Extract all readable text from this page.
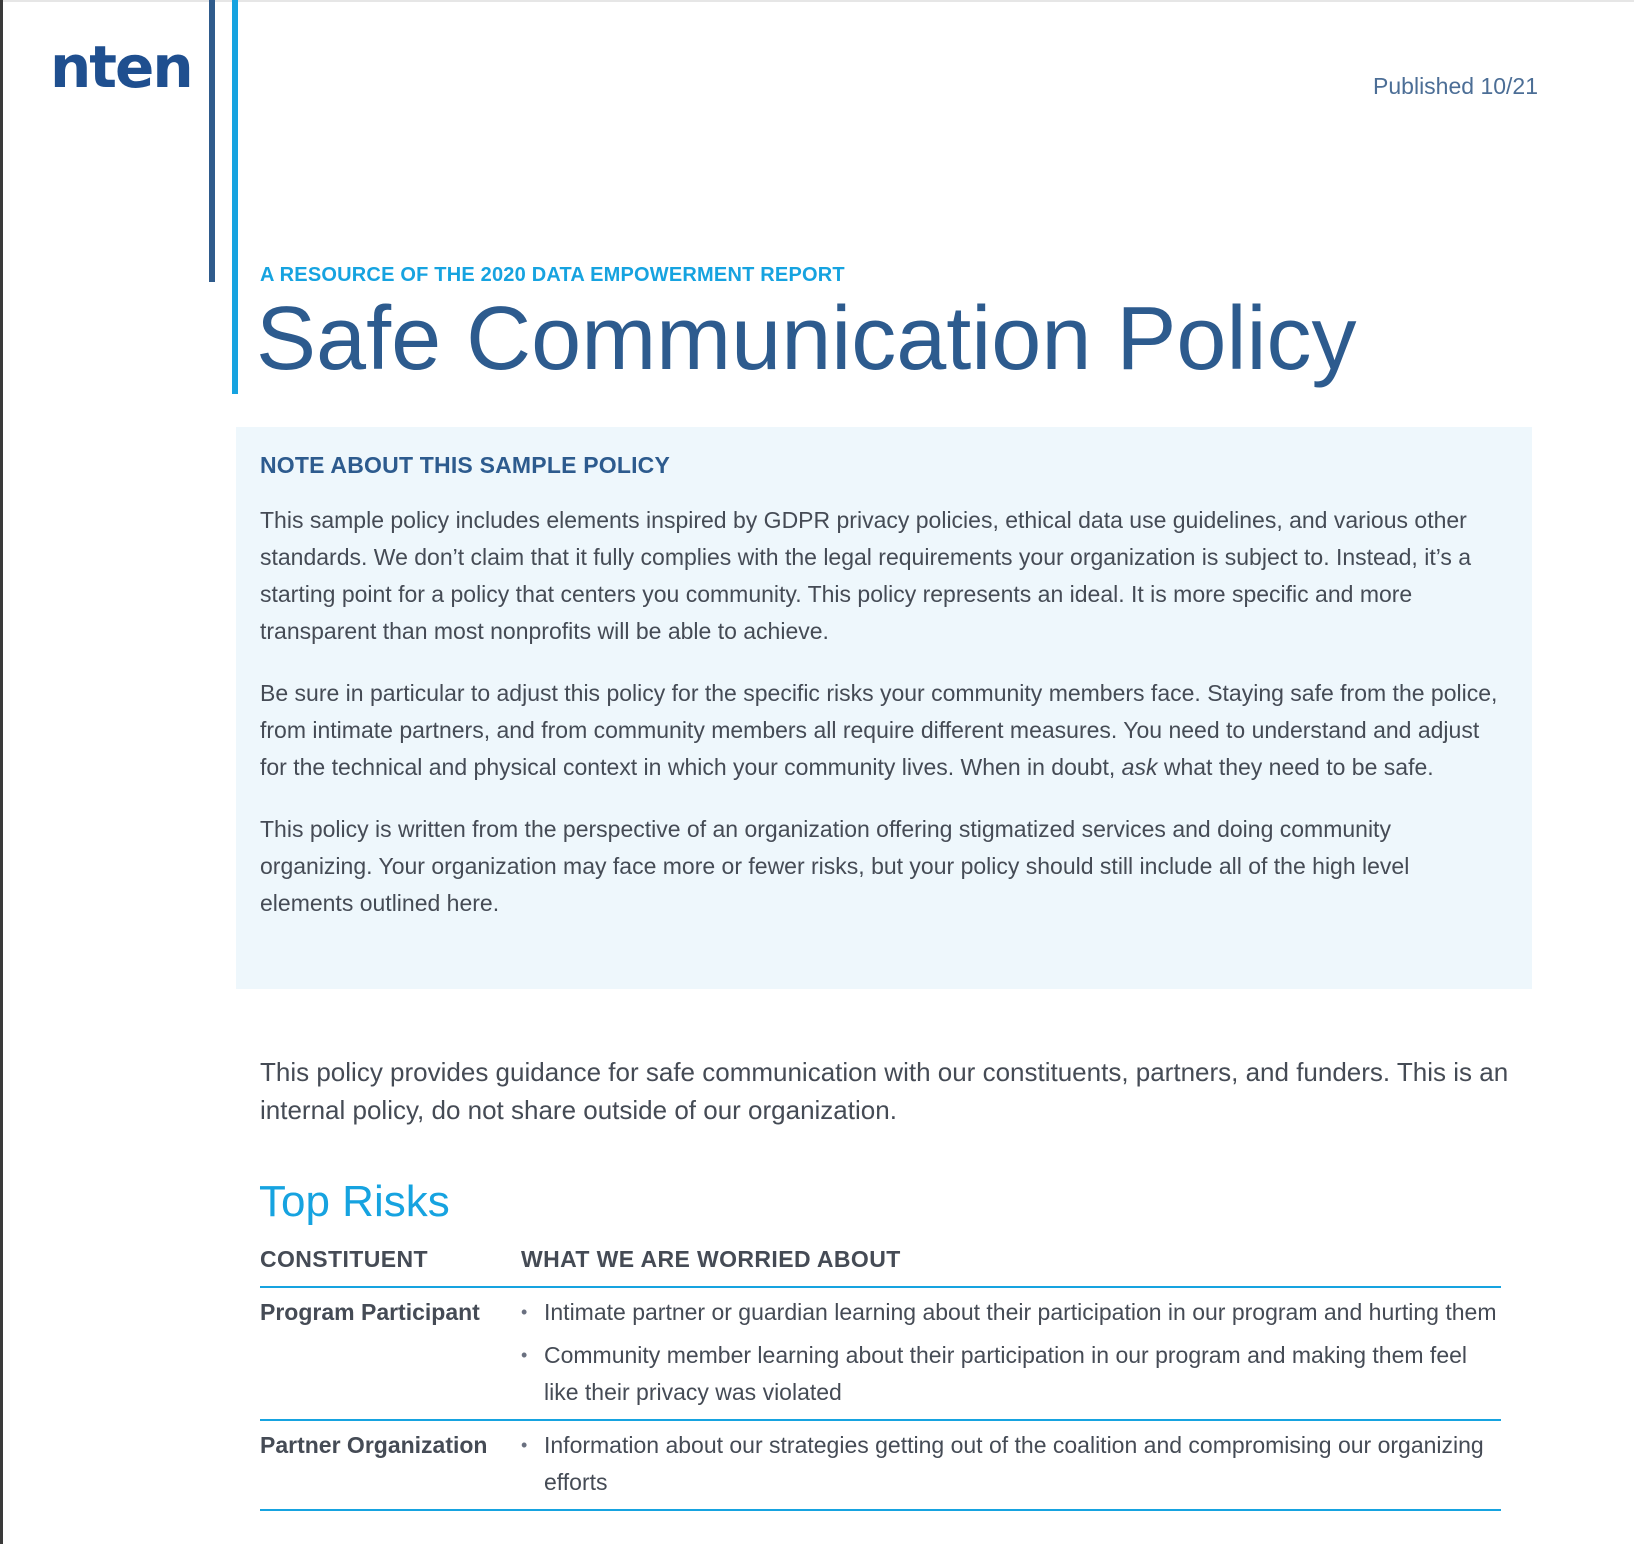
nten	Published 10/21
A RESOURCE OF THE 2020 DATA EMPOWERMENT REPORT
Safe Communication Policy
NOTE ABOUT THIS SAMPLE POLICY

This sample policy includes elements inspired by GDPR privacy policies, ethical data use guidelines, and various other standards. We don’t claim that it fully complies with the legal requirements your organization is subject to. Instead, it’s a starting point for a policy that centers you community. This policy represents an ideal. It is more specific and more transparent than most nonprofits will be able to achieve.

Be sure in particular to adjust this policy for the specific risks your community members face. Staying safe from the police, from intimate partners, and from community members all require different measures. You need to understand and adjust for the technical and physical context in which your community lives. When in doubt, ask what they need to be safe.

This policy is written from the perspective of an organization offering stigmatized services and doing community organizing. Your organization may face more or fewer risks, but your policy should still include all of the high level elements outlined here.

This policy provides guidance for safe communication with our constituents, partners, and funders. This is an internal policy, do not share outside of our organization.

Top Risks
CONSTITUENT	WHAT WE ARE WORRIED ABOUT
Program Participant	• Intimate partner or guardian learning about their participation in our program and hurting them
• Community member learning about their participation in our program and making them feel like their privacy was violated
Partner Organization	• Information about our strategies getting out of the coalition and compromising our organizing efforts
